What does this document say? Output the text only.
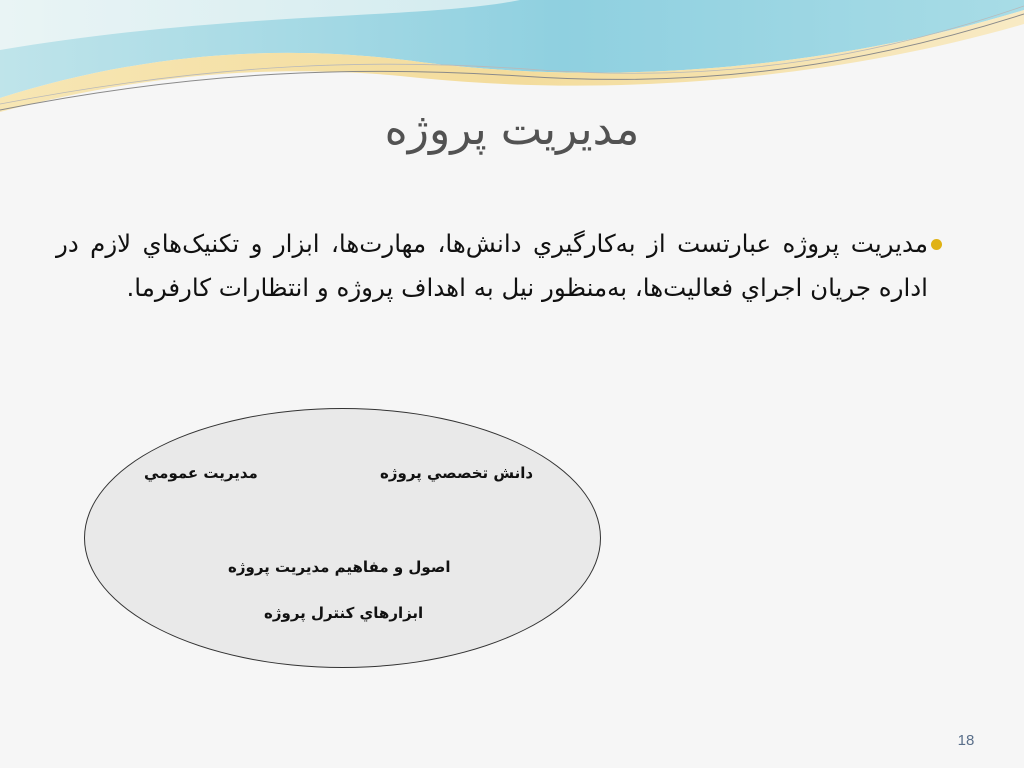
مدیریت پروژه
مديريت پروژه عبارتست از به‌کارگيري دانش‌ها، مهارت‌ها، ابزار و تکنيک‌هاي لازم در اداره جريان اجراي فعاليت‌ها، به‌منظور نيل به اهداف پروژه و انتظارات کارفرما.
مدیریت عمومي	دانش تخصصي پروژه
اصول و مفاهيم مدیریت پروژه
ابزارهاي کنترل پروژه
18
